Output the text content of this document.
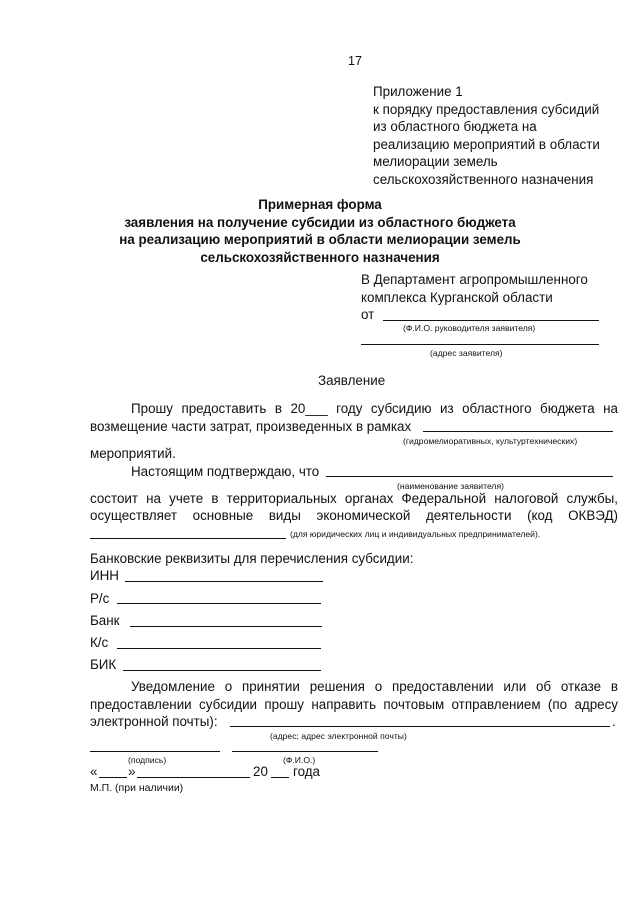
17
Приложение 1
к порядку предоставления субсидий
из областного бюджета на
реализацию мероприятий в области
мелиорации земель
сельскохозяйственного назначения
Примерная форма
заявления на получение субсидии из областного бюджета
на реализацию мероприятий в области мелиорации земель
сельскохозяйственного назначения
В Департамент агропромышленного
комплекса Курганской области
от
(Ф.И.О. руководителя заявителя)
(адрес заявителя)
Заявление
Прошу предоставить в 20___ году субсидию из областного бюджета на
возмещение части затрат, произведенных в рамках
(гидромелиоративных, культуртехнических)
мероприятий.
Настоящим подтверждаю, что
(наименование заявителя)
состоит на учете в территориальных органах Федеральной налоговой службы,
осуществляет основные виды экономической деятельности (код ОКВЭД)
(для юридических лиц и индивидуальных предпринимателей).
Банковские реквизиты для перечисления субсидии:
ИНН
Р/с
Банк
К/с
БИК
Уведомление о принятии решения о предоставлении или об отказе в
предоставлении субсидии прошу направить почтовым отправлением (по адресу
электронной почты):	.
(адрес; адрес электронной почты)
(подпись)	(Ф.И.О.)
« »	20 года
М.П. (при наличии)
